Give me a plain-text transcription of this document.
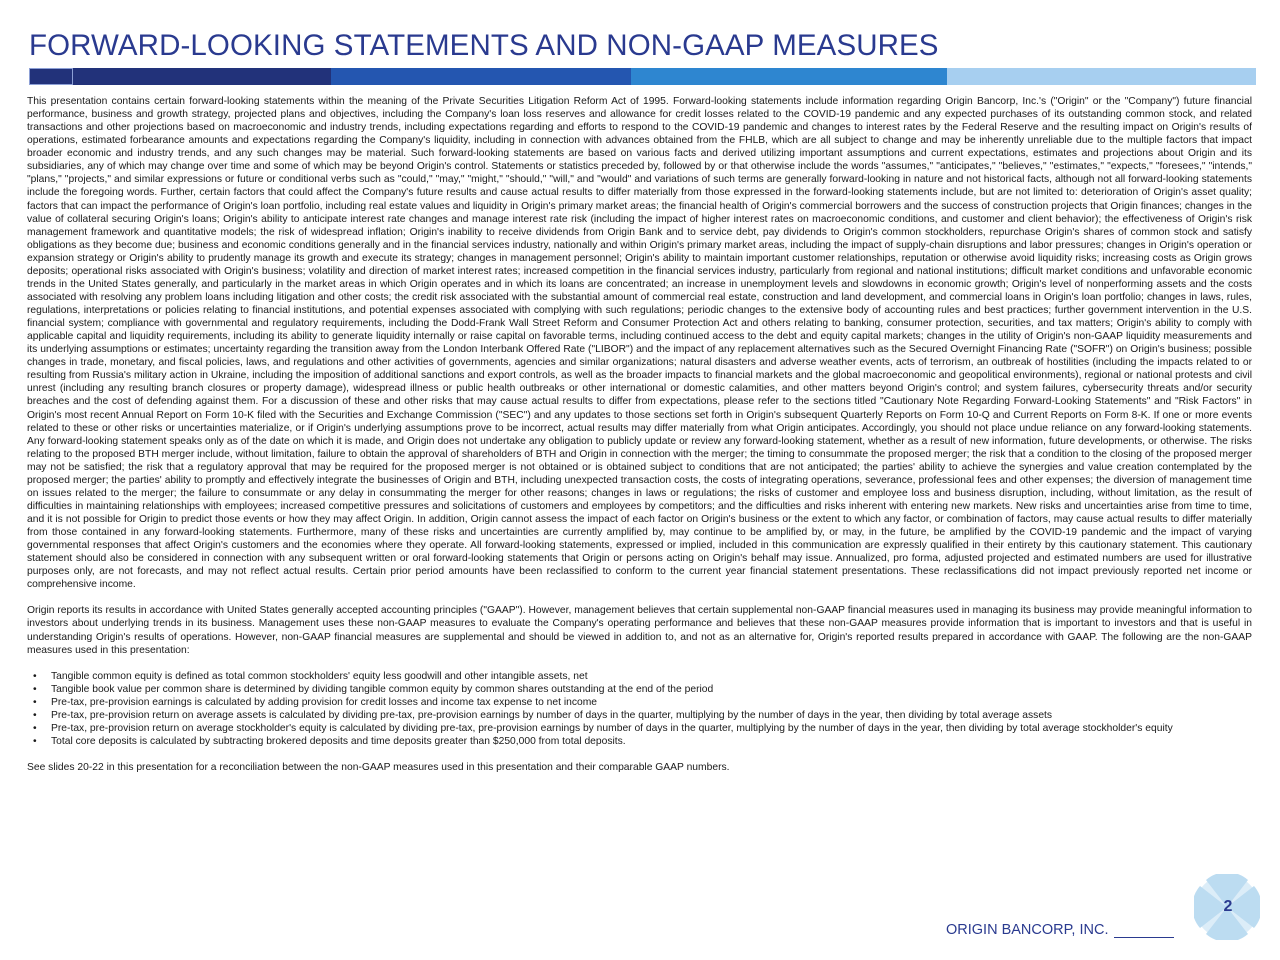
FORWARD-LOOKING STATEMENTS AND NON-GAAP MEASURES

This presentation contains certain forward-looking statements within the meaning of the Private Securities Litigation Reform Act of 1995. Forward-looking statements include information regarding Origin Bancorp, Inc.'s ("Origin" or the "Company") future financial performance, business and growth strategy, projected plans and objectives, including the Company's loan loss reserves and allowance for credit losses related to the COVID-19 pandemic and any expected purchases of its outstanding common stock, and related transactions and other projections based on macroeconomic and industry trends, including expectations regarding and efforts to respond to the COVID-19 pandemic and changes to interest rates by the Federal Reserve and the resulting impact on Origin's results of operations, estimated forbearance amounts and expectations regarding the Company's liquidity, including in connection with advances obtained from the FHLB, which are all subject to change and may be inherently unreliable due to the multiple factors that impact broader economic and industry trends, and any such changes may be material. Such forward-looking statements are based on various facts and derived utilizing important assumptions and current expectations, estimates and projections about Origin and its subsidiaries, any of which may change over time and some of which may be beyond Origin's control. Statements or statistics preceded by, followed by or that otherwise include the words "assumes," "anticipates," "believes," "estimates," "expects," "foresees," "intends," "plans," "projects," and similar expressions or future or conditional verbs such as "could," "may," "might," "should," "will," and "would" and variations of such terms are generally forward-looking in nature and not historical facts, although not all forward-looking statements include the foregoing words. Further, certain factors that could affect the Company's future results and cause actual results to differ materially from those expressed in the forward-looking statements include, but are not limited to: deterioration of Origin's asset quality; factors that can impact the performance of Origin's loan portfolio, including real estate values and liquidity in Origin's primary market areas; the financial health of Origin's commercial borrowers and the success of construction projects that Origin finances; changes in the value of collateral securing Origin's loans; Origin's ability to anticipate interest rate changes and manage interest rate risk (including the impact of higher interest rates on macroeconomic conditions, and customer and client behavior); the effectiveness of Origin's risk management framework and quantitative models; the risk of widespread inflation; Origin's inability to receive dividends from Origin Bank and to service debt, pay dividends to Origin's common stockholders, repurchase Origin's shares of common stock and satisfy obligations as they become due; business and economic conditions generally and in the financial services industry, nationally and within Origin's primary market areas, including the impact of supply-chain disruptions and labor pressures; changes in Origin's operation or expansion strategy or Origin's ability to prudently manage its growth and execute its strategy; changes in management personnel; Origin's ability to maintain important customer relationships, reputation or otherwise avoid liquidity risks; increasing costs as Origin grows deposits; operational risks associated with Origin's business; volatility and direction of market interest rates; increased competition in the financial services industry, particularly from regional and national institutions; difficult market conditions and unfavorable economic trends in the United States generally, and particularly in the market areas in which Origin operates and in which its loans are concentrated; an increase in unemployment levels and slowdowns in economic growth; Origin's level of nonperforming assets and the costs associated with resolving any problem loans including litigation and other costs; the credit risk associated with the substantial amount of commercial real estate, construction and land development, and commercial loans in Origin's loan portfolio; changes in laws, rules, regulations, interpretations or policies relating to financial institutions, and potential expenses associated with complying with such regulations; periodic changes to the extensive body of accounting rules and best practices; further government intervention in the U.S. financial system; compliance with governmental and regulatory requirements, including the Dodd-Frank Wall Street Reform and Consumer Protection Act and others relating to banking, consumer protection, securities, and tax matters; Origin's ability to comply with applicable capital and liquidity requirements, including its ability to generate liquidity internally or raise capital on favorable terms, including continued access to the debt and equity capital markets; changes in the utility of Origin's non-GAAP liquidity measurements and its underlying assumptions or estimates; uncertainty regarding the transition away from the London Interbank Offered Rate ("LIBOR") and the impact of any replacement alternatives such as the Secured Overnight Financing Rate ("SOFR") on Origin's business; possible changes in trade, monetary, and fiscal policies, laws, and regulations and other activities of governments, agencies and similar organizations; natural disasters and adverse weather events, acts of terrorism, an outbreak of hostilities (including the impacts related to or resulting from Russia's military action in Ukraine, including the imposition of additional sanctions and export controls, as well as the broader impacts to financial markets and the global macroeconomic and geopolitical environments), regional or national protests and civil unrest (including any resulting branch closures or property damage), widespread illness or public health outbreaks or other international or domestic calamities, and other matters beyond Origin's control; and system failures, cybersecurity threats and/or security breaches and the cost of defending against them. For a discussion of these and other risks that may cause actual results to differ from expectations, please refer to the sections titled "Cautionary Note Regarding Forward-Looking Statements" and "Risk Factors" in Origin's most recent Annual Report on Form 10-K filed with the Securities and Exchange Commission ("SEC") and any updates to those sections set forth in Origin's subsequent Quarterly Reports on Form 10-Q and Current Reports on Form 8-K. If one or more events related to these or other risks or uncertainties materialize, or if Origin's underlying assumptions prove to be incorrect, actual results may differ materially from what Origin anticipates. Accordingly, you should not place undue reliance on any forward-looking statements. Any forward-looking statement speaks only as of the date on which it is made, and Origin does not undertake any obligation to publicly update or review any forward-looking statement, whether as a result of new information, future developments, or otherwise. The risks relating to the proposed BTH merger include, without limitation, failure to obtain the approval of shareholders of BTH and Origin in connection with the merger; the timing to consummate the proposed merger; the risk that a condition to the closing of the proposed merger may not be satisfied; the risk that a regulatory approval that may be required for the proposed merger is not obtained or is obtained subject to conditions that are not anticipated; the parties' ability to achieve the synergies and value creation contemplated by the proposed merger; the parties' ability to promptly and effectively integrate the businesses of Origin and BTH, including unexpected transaction costs, the costs of integrating operations, severance, professional fees and other expenses; the diversion of management time on issues related to the merger; the failure to consummate or any delay in consummating the merger for other reasons; changes in laws or regulations; the risks of customer and employee loss and business disruption, including, without limitation, as the result of difficulties in maintaining relationships with employees; increased competitive pressures and solicitations of customers and employees by competitors; and the difficulties and risks inherent with entering new markets. New risks and uncertainties arise from time to time, and it is not possible for Origin to predict those events or how they may affect Origin. In addition, Origin cannot assess the impact of each factor on Origin's business or the extent to which any factor, or combination of factors, may cause actual results to differ materially from those contained in any forward-looking statements. Furthermore, many of these risks and uncertainties are currently amplified by, may continue to be amplified by, or may, in the future, be amplified by the COVID-19 pandemic and the impact of varying governmental responses that affect Origin's customers and the economies where they operate. All forward-looking statements, expressed or implied, included in this communication are expressly qualified in their entirety by this cautionary statement. This cautionary statement should also be considered in connection with any subsequent written or oral forward-looking statements that Origin or persons acting on Origin's behalf may issue. Annualized, pro forma, adjusted projected and estimated numbers are used for illustrative purposes only, are not forecasts, and may not reflect actual results. Certain prior period amounts have been reclassified to conform to the current year financial statement presentations. These reclassifications did not impact previously reported net income or comprehensive income.

Origin reports its results in accordance with United States generally accepted accounting principles ("GAAP"). However, management believes that certain supplemental non-GAAP financial measures used in managing its business may provide meaningful information to investors about underlying trends in its business. Management uses these non-GAAP measures to evaluate the Company's operating performance and believes that these non-GAAP measures provide information that is important to investors and that is useful in understanding Origin's results of operations. However, non-GAAP financial measures are supplemental and should be viewed in addition to, and not as an alternative for, Origin's reported results prepared in accordance with GAAP. The following are the non-GAAP measures used in this presentation:

• Tangible common equity is defined as total common stockholders' equity less goodwill and other intangible assets, net
• Tangible book value per common share is determined by dividing tangible common equity by common shares outstanding at the end of the period
• Pre-tax, pre-provision earnings is calculated by adding provision for credit losses and income tax expense to net income
• Pre-tax, pre-provision return on average assets is calculated by dividing pre-tax, pre-provision earnings by number of days in the quarter, multiplying by the number of days in the year, then dividing by total average assets
• Pre-tax, pre-provision return on average stockholder's equity is calculated by dividing pre-tax, pre-provision earnings by number of days in the quarter, multiplying by the number of days in the year, then dividing by total average stockholder's equity
• Total core deposits is calculated by subtracting brokered deposits and time deposits greater than $250,000 from total deposits.

See slides 20-22 in this presentation for a reconciliation between the non-GAAP measures used in this presentation and their comparable GAAP numbers.

2
ORIGIN BANCORP, INC.
